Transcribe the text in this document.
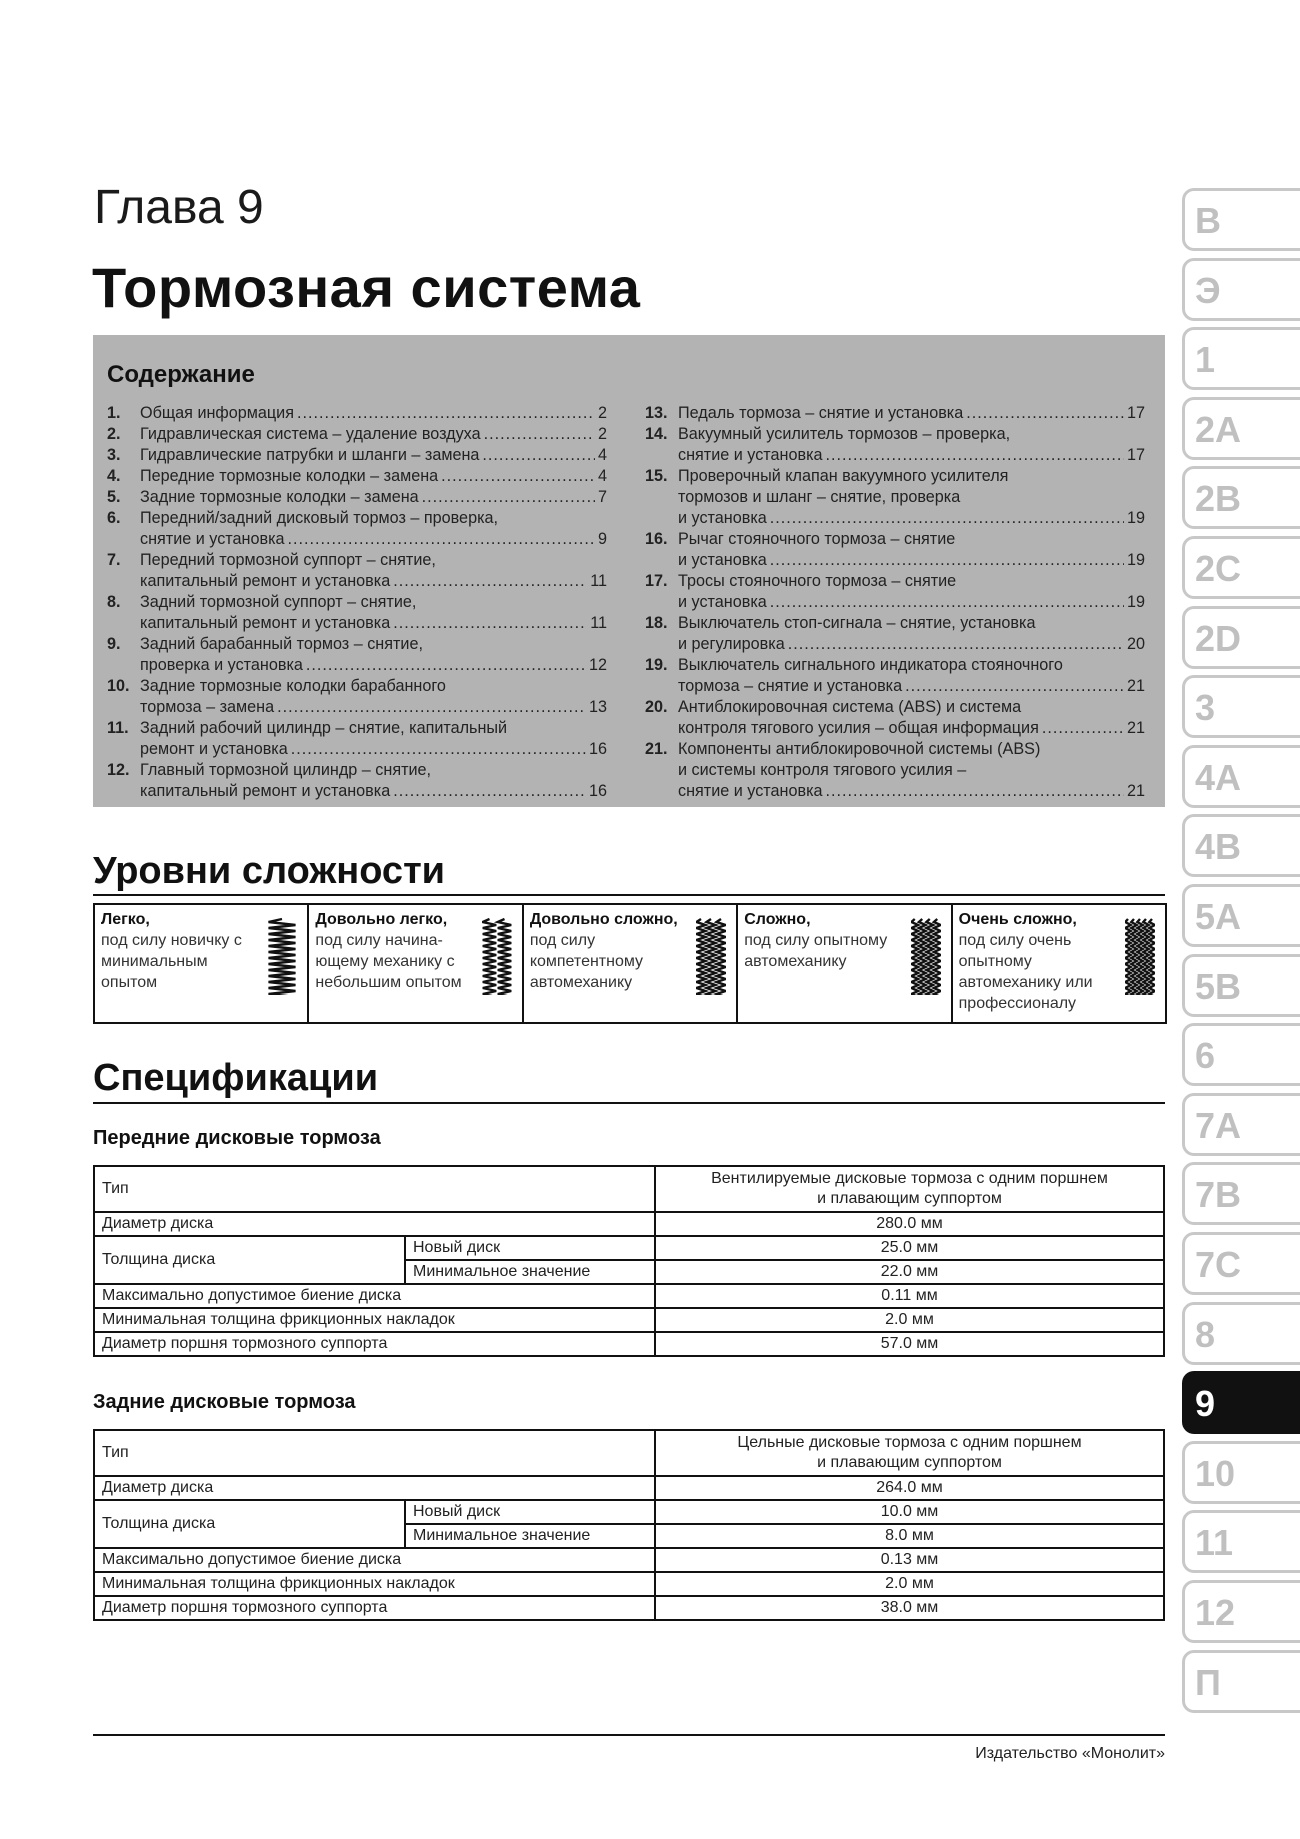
Глава 9
Тормозная система
Содержание
1. Общая информация .....	2
2. Гидравлическая система – удаление воздуха .....	2
3. Гидравлические патрубки и шланги – замена .....	4
4. Передние тормозные колодки – замена .....	4
5. Задние тормозные колодки – замена .....	7
6. Передний/задний дисковый тормоз – проверка,
снятие и установка .....	9
7. Передний тормозной суппорт – снятие,
капитальный ремонт и установка .....	11
8. Задний тормозной суппорт – снятие,
капитальный ремонт и установка .....	11
9. Задний барабанный тормоз – снятие,
проверка и установка .....	12
10. Задние тормозные колодки барабанного
тормоза – замена .....	13
11. Задний рабочий цилиндр – снятие, капитальный
ремонт и установка .....	16
12. Главный тормозной цилиндр – снятие,
капитальный ремонт и установка .....	16
13. Педаль тормоза – снятие и установка .....	17
14. Вакуумный усилитель тормозов – проверка,
снятие и установка .....	17
15. Проверочный клапан вакуумного усилителя
тормозов и шланг – снятие, проверка
и установка .....	19
16. Рычаг стояночного тормоза – снятие
и установка .....	19
17. Тросы стояночного тормоза – снятие
и установка .....	19
18. Выключатель стоп-сигнала – снятие, установка
и регулировка .....	20
19. Выключатель сигнального индикатора стояночного
тормоза – снятие и установка .....	21
20. Антиблокировочная система (ABS) и система
контроля тягового усилия – общая информация .....	21
21. Компоненты антиблокировочной системы (ABS)
и системы контроля тягового усилия –
снятие и установка .....	21
Уровни сложности
Легко,
под силу новичку с минимальным опытом
Довольно легко,
под силу начина-ющему механику с небольшим опытом
Довольно сложно,
под силу компетентному автомеханику
Сложно,
под силу опытному автомеханику
Очень сложно,
под силу очень опытному автомеханику или профессионалу
Спецификации
Передние дисковые тормоза
Тип		Вентилируемые дисковые тормоза с одним поршнем
и плавающим суппортом

Диаметр диска		280.0 мм
Толщина диска	Новый диск	25.0 мм
	Минимальное значение	22.0 мм
Максимально допустимое биение диска		0.11 мм
Минимальная толщина фрикционных накладок		2.0 мм
Диаметр поршня тормозного суппорта		57.0 мм
Задние дисковые тормоза
Тип		Цельные дисковые тормоза с одним поршнем
и плавающим суппортом

Диаметр диска		264.0 мм
Толщина диска	Новый диск	10.0 мм
	Минимальное значение	8.0 мм
Максимально допустимое биение диска		0.13 мм
Минимальная толщина фрикционных накладок		2.0 мм
Диаметр поршня тормозного суппорта		38.0 мм
В
Э
1
2A
2B
2C
2D
3
4A
4B
5A
5B
6
7A
7B
7C
8
9
10
11
12
П
Издательство «Монолит»
